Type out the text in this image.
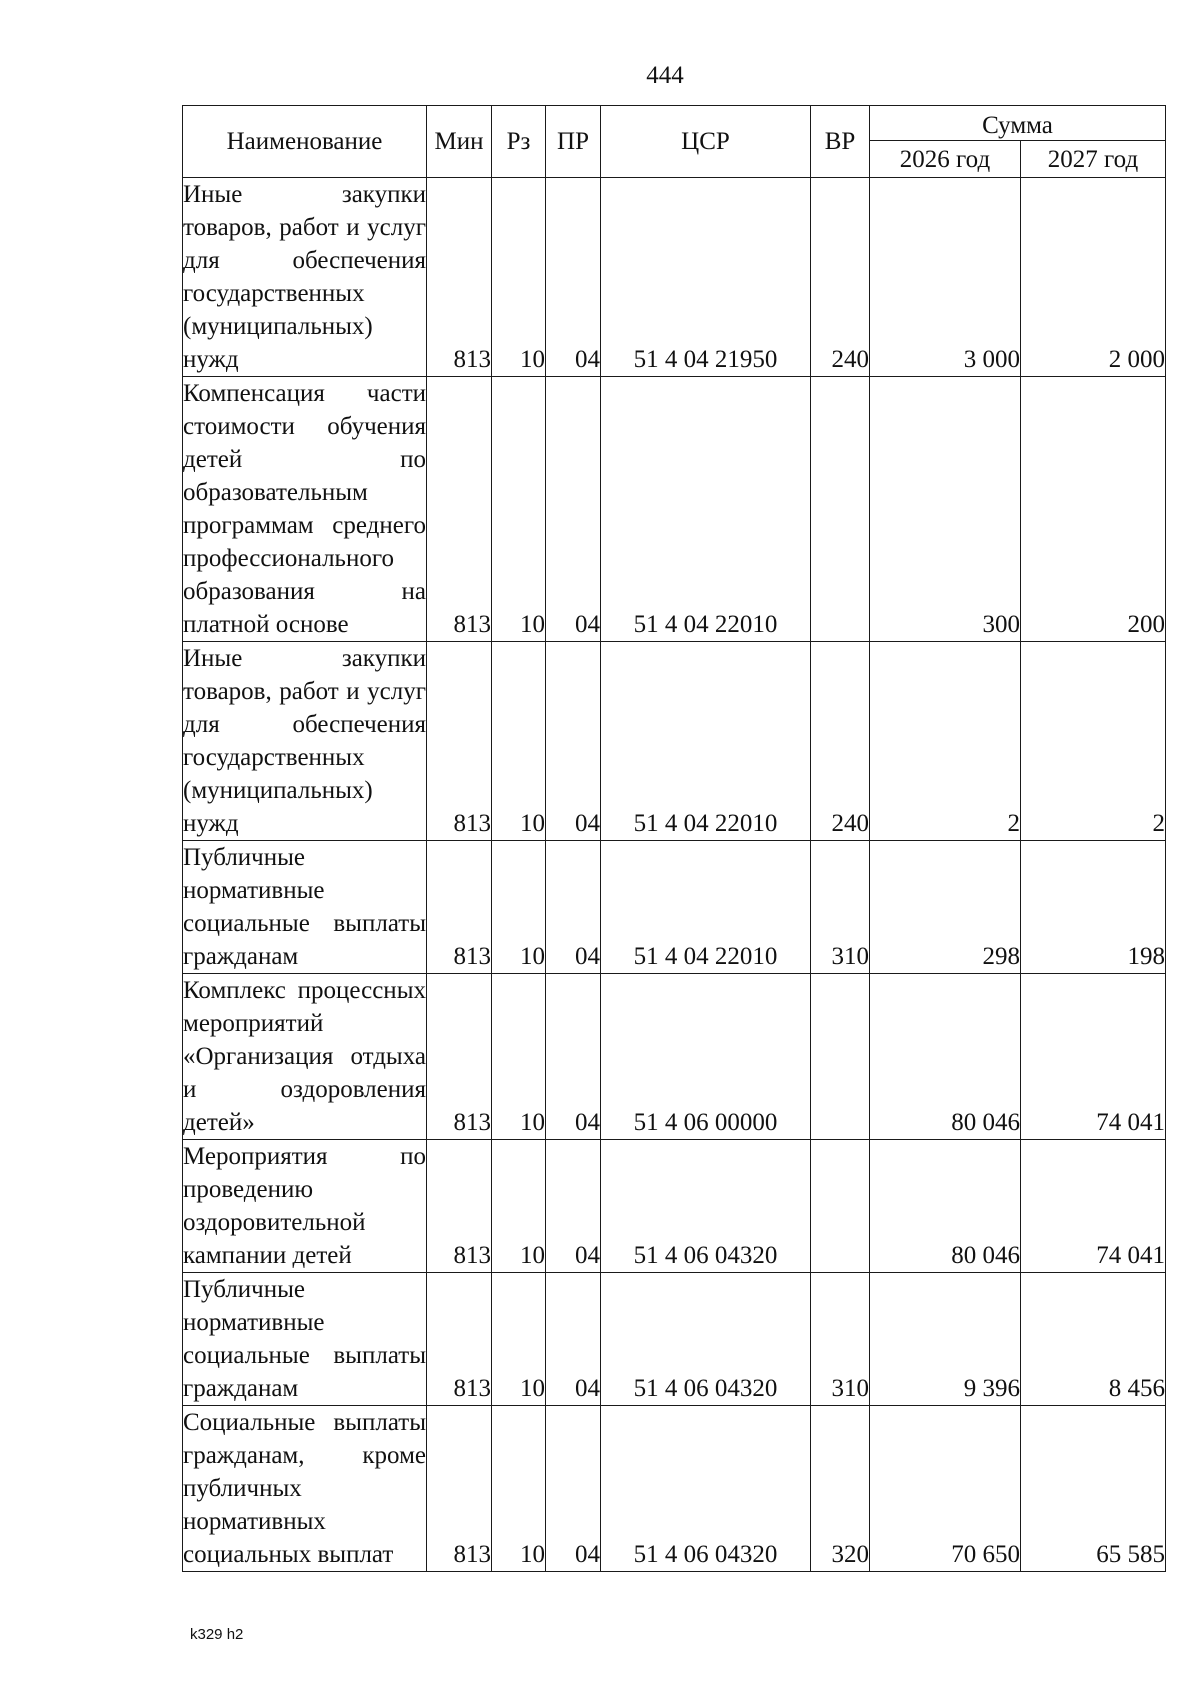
444
Наименование	Мин	Рз	ПР	ЦСР	ВР	Сумма	
						2026 год	2027 год
Иные закупки товаров, работ и услуг для обеспечения государственных (муниципальных) нужд	813	10	04	51 4 04 21950	240	3 000	2 000
Компенсация части стоимости обучения детей по образовательным программам среднего профессионального образования на платной основе	813	10	04	51 4 04 22010		300	200
Иные закупки товаров, работ и услуг для обеспечения государственных (муниципальных) нужд	813	10	04	51 4 04 22010	240	2	2
Публичные нормативные социальные выплаты гражданам	813	10	04	51 4 04 22010	310	298	198
Комплекс процессных мероприятий «Организация отдыха и оздоровления детей»	813	10	04	51 4 06 00000		80 046	74 041
Мероприятия по проведению оздоровительной кампании детей	813	10	04	51 4 06 04320		80 046	74 041
Публичные нормативные социальные выплаты гражданам	813	10	04	51 4 06 04320	310	9 396	8 456
Социальные выплаты гражданам, кроме публичных нормативных социальных выплат	813	10	04	51 4 06 04320	320	70 650	65 585
k329 h2
